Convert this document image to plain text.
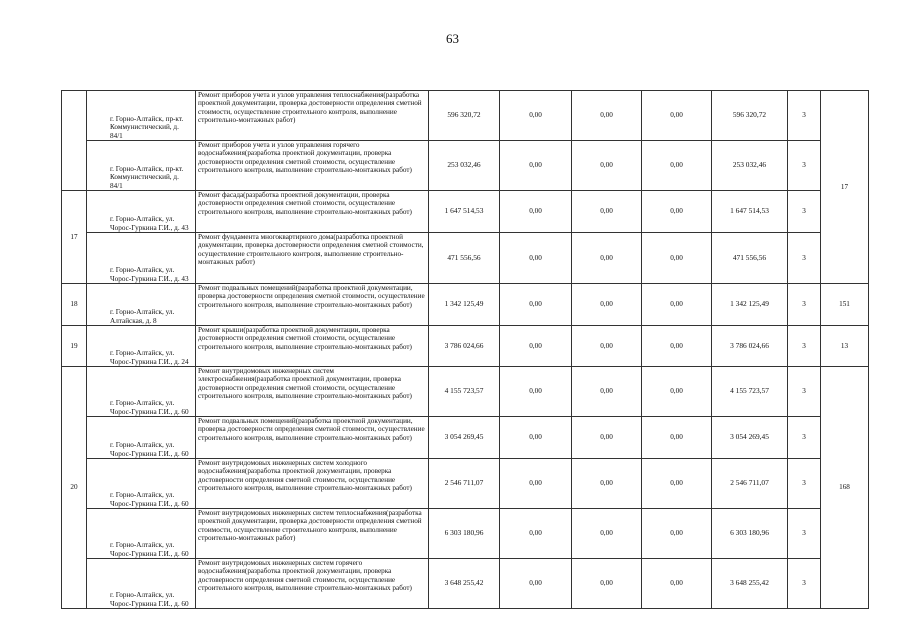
63
	г. Горно-Алтайск, пр-кт. Коммунистический, д. 84/1	Ремонт приборов учета и узлов управления теплоснабжения(разработка проектной документации, проверка достоверности определения сметной стоимости, осуществление строительного контроля, выполнение строительно-монтажных работ)	596 320,72	0,00	0,00	0,00	596 320,72	3	17
	г. Горно-Алтайск, пр-кт. Коммунистический, д. 84/1	Ремонт приборов учета и узлов управления горячего водоснабжения(разработка проектной документации, проверка достоверности определения сметной стоимости, осуществление строительного контроля, выполнение строительно-монтажных работ)	253 032,46	0,00	0,00	0,00	253 032,46	3	
17	г. Горно-Алтайск, ул. Чорос-Гуркина Г.И., д. 43	Ремонт фасада(разработка проектной документации, проверка достоверности определения сметной стоимости, осуществление строительного контроля, выполнение строительно-монтажных работ)	1 647 514,53	0,00	0,00	0,00	1 647 514,53	3	
	г. Горно-Алтайск, ул. Чорос-Гуркина Г.И., д. 43	Ремонт фундамента многоквартирного дома(разработка проектной документации, проверка достоверности определения сметной стоимости, осуществление строительного контроля, выполнение строительно-монтажных работ)	471 556,56	0,00	0,00	0,00	471 556,56	3	
18	г. Горно-Алтайск, ул. Алтайская, д. 8	Ремонт подвальных помещений(разработка проектной документации, проверка достоверности определения сметной стоимости, осуществление строительного контроля, выполнение строительно-монтажных работ)	1 342 125,49	0,00	0,00	0,00	1 342 125,49	3	151
19	г. Горно-Алтайск, ул. Чорос-Гуркина Г.И., д. 24	Ремонт крыши(разработка проектной документации, проверка достоверности определения сметной стоимости, осуществление строительного контроля, выполнение строительно-монтажных работ)	3 786 024,66	0,00	0,00	0,00	3 786 024,66	3	13
20	г. Горно-Алтайск, ул. Чорос-Гуркина Г.И., д. 60	Ремонт внутридомовых инженерных систем электроснабжения(разработка проектной документации, проверка достоверности определения сметной стоимости, осуществление строительного контроля, выполнение строительно-монтажных работ)	4 155 723,57	0,00	0,00	0,00	4 155 723,57	3	168
	г. Горно-Алтайск, ул. Чорос-Гуркина Г.И., д. 60	Ремонт подвальных помещений(разработка проектной документации, проверка достоверности определения сметной стоимости, осуществление строительного контроля, выполнение строительно-монтажных работ)	3 054 269,45	0,00	0,00	0,00	3 054 269,45	3	
	г. Горно-Алтайск, ул. Чорос-Гуркина Г.И., д. 60	Ремонт внутридомовых инженерных систем холодного водоснабжения(разработка проектной документации, проверка достоверности определения сметной стоимости, осуществление строительного контроля, выполнение строительно-монтажных работ)	2 546 711,07	0,00	0,00	0,00	2 546 711,07	3	
	г. Горно-Алтайск, ул. Чорос-Гуркина Г.И., д. 60	Ремонт внутридомовых инженерных систем теплоснабжения(разработка проектной документации, проверка достоверности определения сметной стоимости, осуществление строительного контроля, выполнение строительно-монтажных работ)	6 303 180,96	0,00	0,00	0,00	6 303 180,96	3	
	г. Горно-Алтайск, ул. Чорос-Гуркина Г.И., д. 60	Ремонт внутридомовых инженерных систем горячего водоснабжения(разработка проектной документации, проверка достоверности определения сметной стоимости, осуществление строительного контроля, выполнение строительно-монтажных работ)	3 648 255,42	0,00	0,00	0,00	3 648 255,42	3	
